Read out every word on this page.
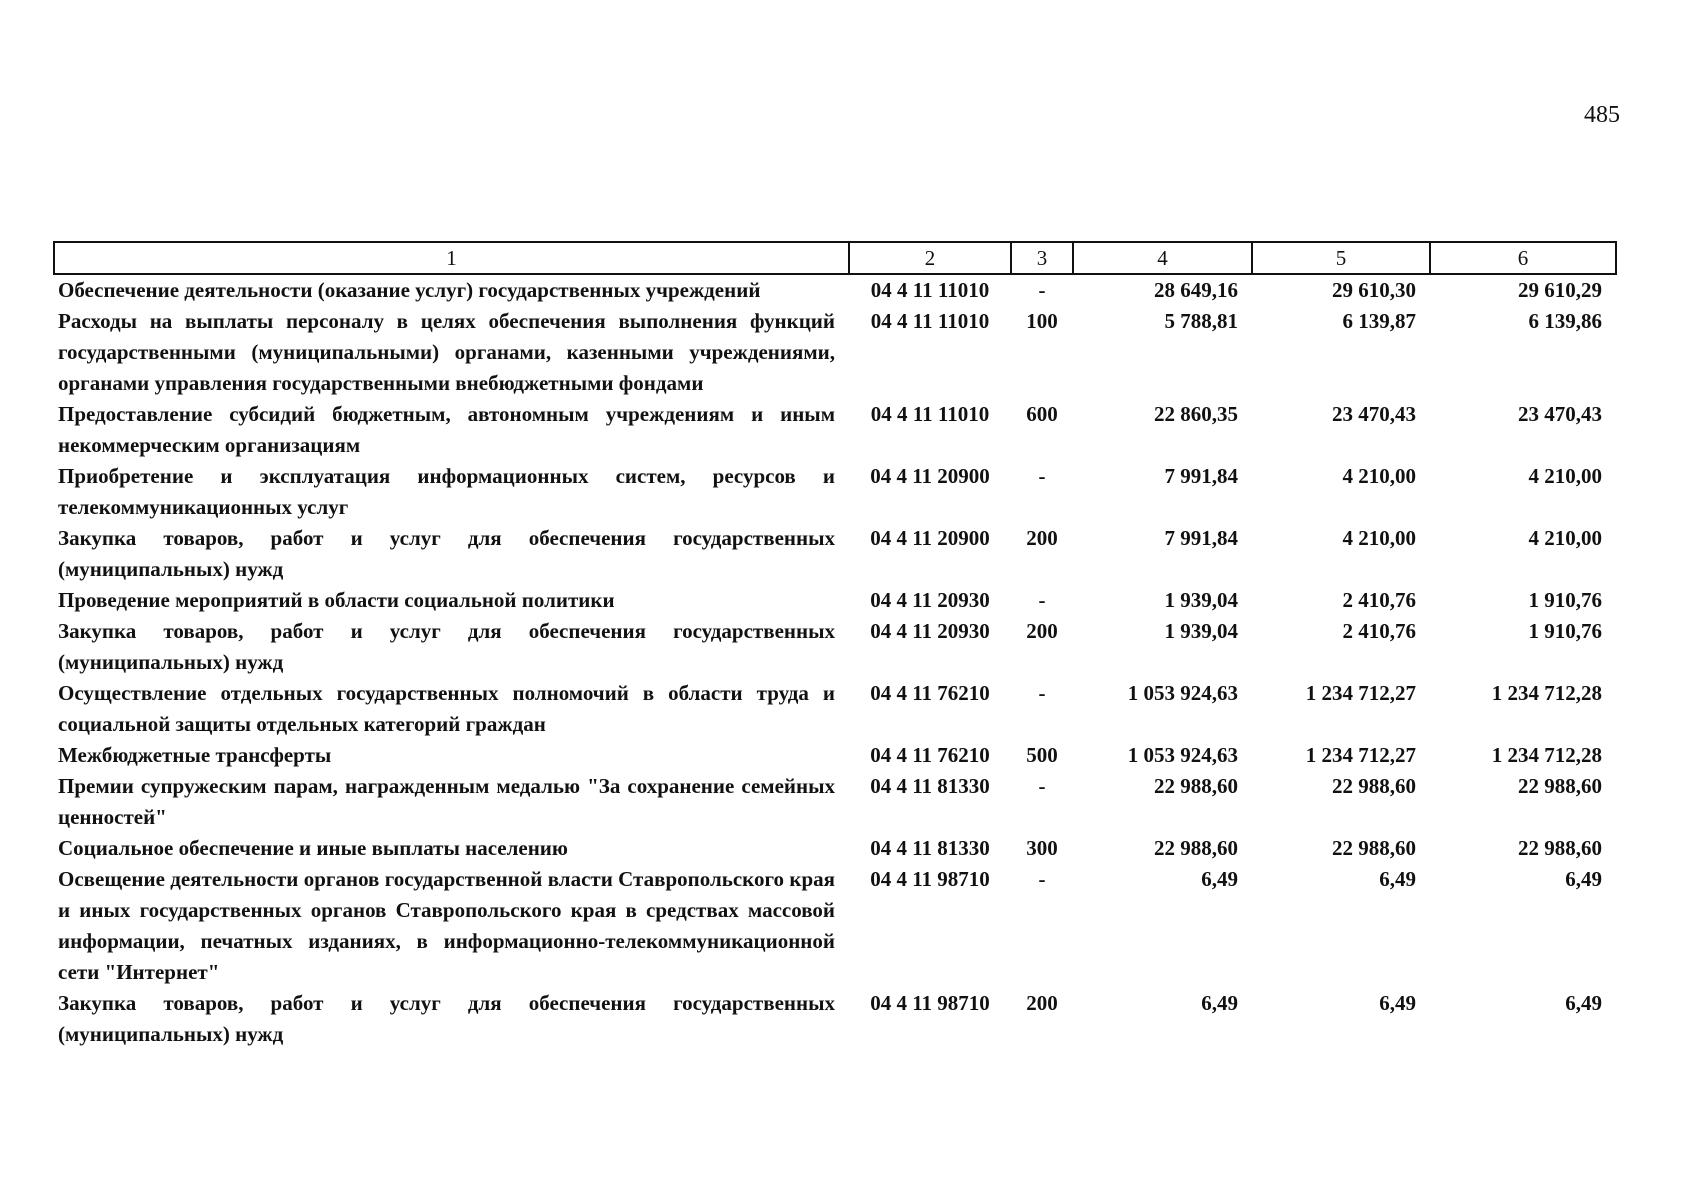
485
1	2	3	4	5	6
Обеспечение деятельности (оказание услуг) государственных учреждений	04 4 11 11010	-	28 649,16	29 610,30	29 610,29
Расходы на выплаты персоналу в целях обеспечения выполнения функций государственными (муниципальными) органами, казенными учреждениями, органами управления государственными внебюджетными фондами	04 4 11 11010	100	5 788,81	6 139,87	6 139,86
Предоставление субсидий бюджетным, автономным учреждениям и иным некоммерческим организациям	04 4 11 11010	600	22 860,35	23 470,43	23 470,43
Приобретение и эксплуатация информационных систем, ресурсов и телекоммуникационных услуг	04 4 11 20900	-	7 991,84	4 210,00	4 210,00
Закупка товаров, работ и услуг для обеспечения государственных (муниципальных) нужд	04 4 11 20900	200	7 991,84	4 210,00	4 210,00
Проведение мероприятий в области социальной политики	04 4 11 20930	-	1 939,04	2 410,76	1 910,76
Закупка товаров, работ и услуг для обеспечения государственных (муниципальных) нужд	04 4 11 20930	200	1 939,04	2 410,76	1 910,76
Осуществление отдельных государственных полномочий в области труда и социальной защиты отдельных категорий граждан	04 4 11 76210	-	1 053 924,63	1 234 712,27	1 234 712,28
Межбюджетные трансферты	04 4 11 76210	500	1 053 924,63	1 234 712,27	1 234 712,28
Премии супружеским парам, награжденным медалью "За сохранение семейных ценностей"	04 4 11 81330	-	22 988,60	22 988,60	22 988,60
Социальное обеспечение и иные выплаты населению	04 4 11 81330	300	22 988,60	22 988,60	22 988,60
Освещение деятельности органов государственной власти Ставропольского края и иных государственных органов Ставропольского края в средствах массовой информации, печатных изданиях, в информационно-телекоммуникационной сети "Интернет"	04 4 11 98710	-	6,49	6,49	6,49
Закупка товаров, работ и услуг для обеспечения государственных (муниципальных) нужд	04 4 11 98710	200	6,49	6,49	6,49
